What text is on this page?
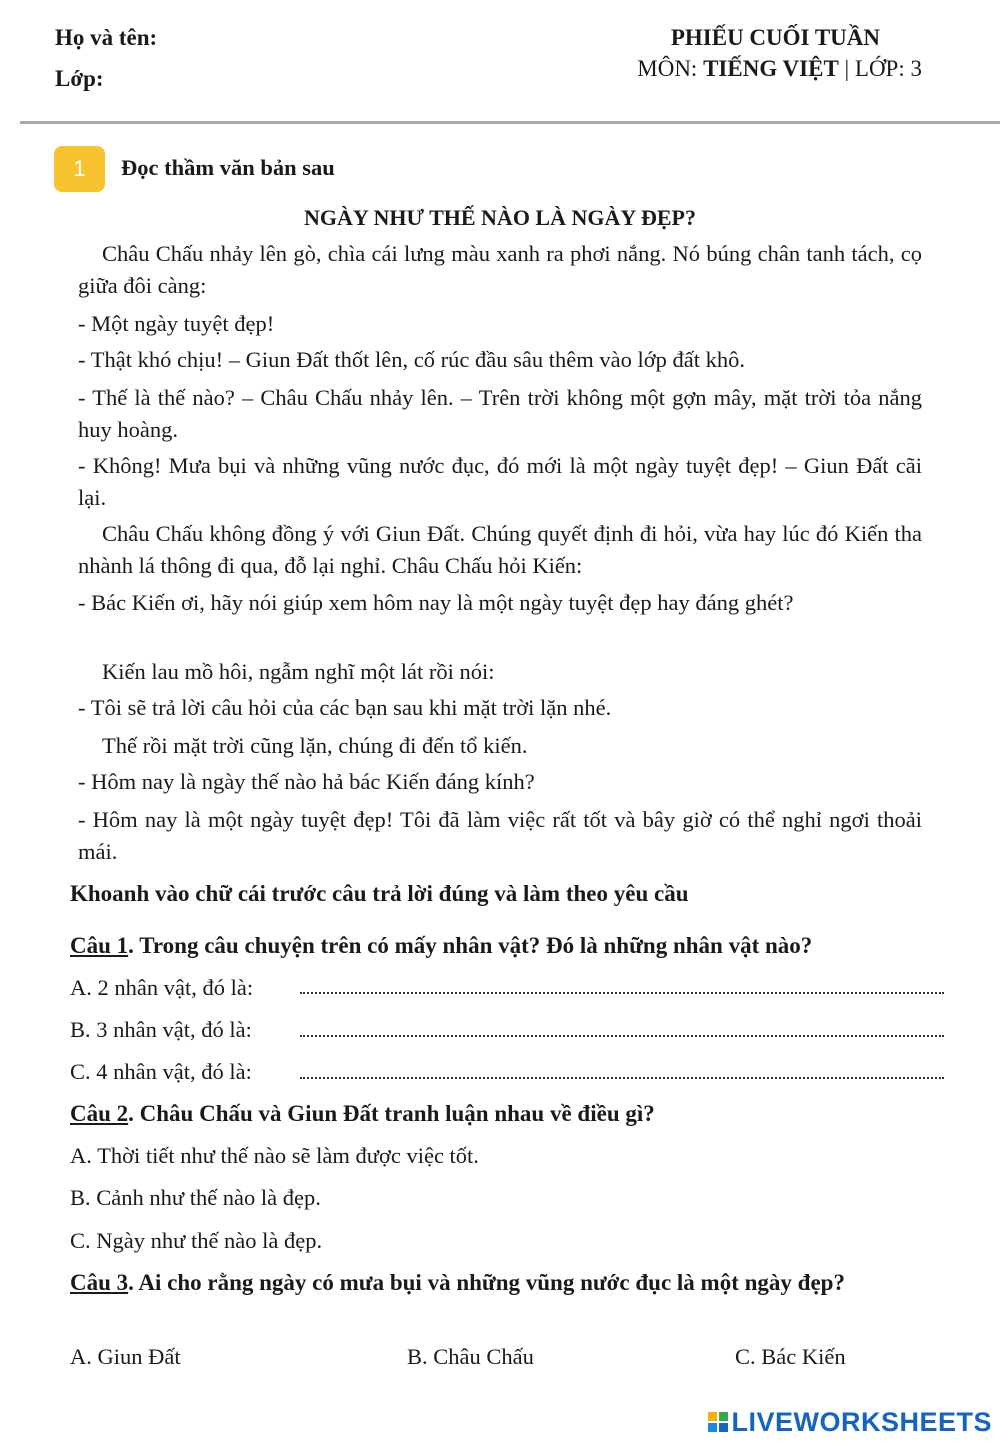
Họ và tên:
Lớp:
PHIẾU CUỐI TUẦN
MÔN: TIẾNG VIỆT | LỚP: 3
1	Đọc thầm văn bản sau
NGÀY NHƯ THẾ NÀO LÀ NGÀY ĐẸP?
Châu Chấu nhảy lên gò, chìa cái lưng màu xanh ra phơi nắng. Nó búng chân tanh tách, cọ giữa đôi càng:
- Một ngày tuyệt đẹp!
- Thật khó chịu! – Giun Đất thốt lên, cố rúc đầu sâu thêm vào lớp đất khô.
- Thế là thế nào? – Châu Chấu nhảy lên. – Trên trời không một gợn mây, mặt trời tỏa nắng huy hoàng.
- Không! Mưa bụi và những vũng nước đục, đó mới là một ngày tuyệt đẹp! – Giun Đất cãi lại.
Châu Chấu không đồng ý với Giun Đất. Chúng quyết định đi hỏi, vừa hay lúc đó Kiến tha nhành lá thông đi qua, đỗ lại nghỉ. Châu Chấu hỏi Kiến:
- Bác Kiến ơi, hãy nói giúp xem hôm nay là một ngày tuyệt đẹp hay đáng ghét?
Kiến lau mồ hôi, ngẫm nghĩ một lát rồi nói:
- Tôi sẽ trả lời câu hỏi của các bạn sau khi mặt trời lặn nhé.
Thế rồi mặt trời cũng lặn, chúng đi đến tổ kiến.
- Hôm nay là ngày thế nào hả bác Kiến đáng kính?
- Hôm nay là một ngày tuyệt đẹp! Tôi đã làm việc rất tốt và bây giờ có thể nghỉ ngơi thoải mái.
Khoanh vào chữ cái trước câu trả lời đúng và làm theo yêu cầu
Câu 1. Trong câu chuyện trên có mấy nhân vật? Đó là những nhân vật nào?
A. 2 nhân vật, đó là:
B. 3 nhân vật, đó là:
C. 4 nhân vật, đó là:
Câu 2. Châu Chấu và Giun Đất tranh luận nhau về điều gì?
A. Thời tiết như thế nào sẽ làm được việc tốt.
B. Cảnh như thế nào là đẹp.
C. Ngày như thế nào là đẹp.
Câu 3. Ai cho rằng ngày có mưa bụi và những vũng nước đục là một ngày đẹp?
A. Giun Đất	B. Châu Chấu	C. Bác Kiến
LIVEWORKSHEETS
